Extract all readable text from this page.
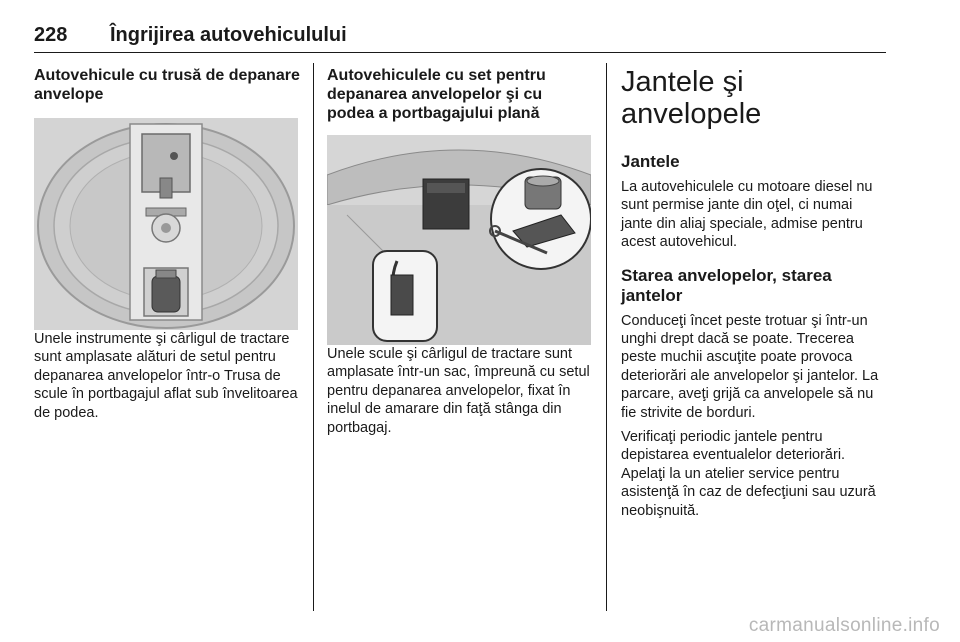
228 Îngrijirea autovehiculului
Autovehicule cu trusă de depanare anvelope

Unele instrumente şi cârligul de tractare sunt amplasate alături de setul pentru depanarea anvelopelor într-o Trusa de scule în portbagajul aflat sub învelitoarea de podea.

Autovehiculele cu set pentru depanarea anvelopelor şi cu podea a portbagajului plană

Unele scule şi cârligul de tractare sunt amplasate într-un sac, împreună cu setul pentru depanarea anvelopelor, fixat în inelul de amarare din faţă stânga din portbagaj.

Jantele şi anvelopele
Jantele

La autovehiculele cu motoare diesel nu sunt permise jante din oţel, ci numai jante din aliaj speciale, admise pentru acest autovehicul.

Starea anvelopelor, starea jantelor

Conduceţi încet peste trotuar şi într-un unghi drept dacă se poate. Trecerea peste muchii ascuţite poate provoca deteriorări ale anvelopelor şi jantelor. La parcare, aveţi grijă ca anvelopele să nu fie strivite de borduri.

Verificaţi periodic jantele pentru depistarea eventualelor deteriorări. Apelaţi la un atelier service pentru asistenţă în caz de defecţiuni sau uzură neobişnuită.

carmanualsonline.info
